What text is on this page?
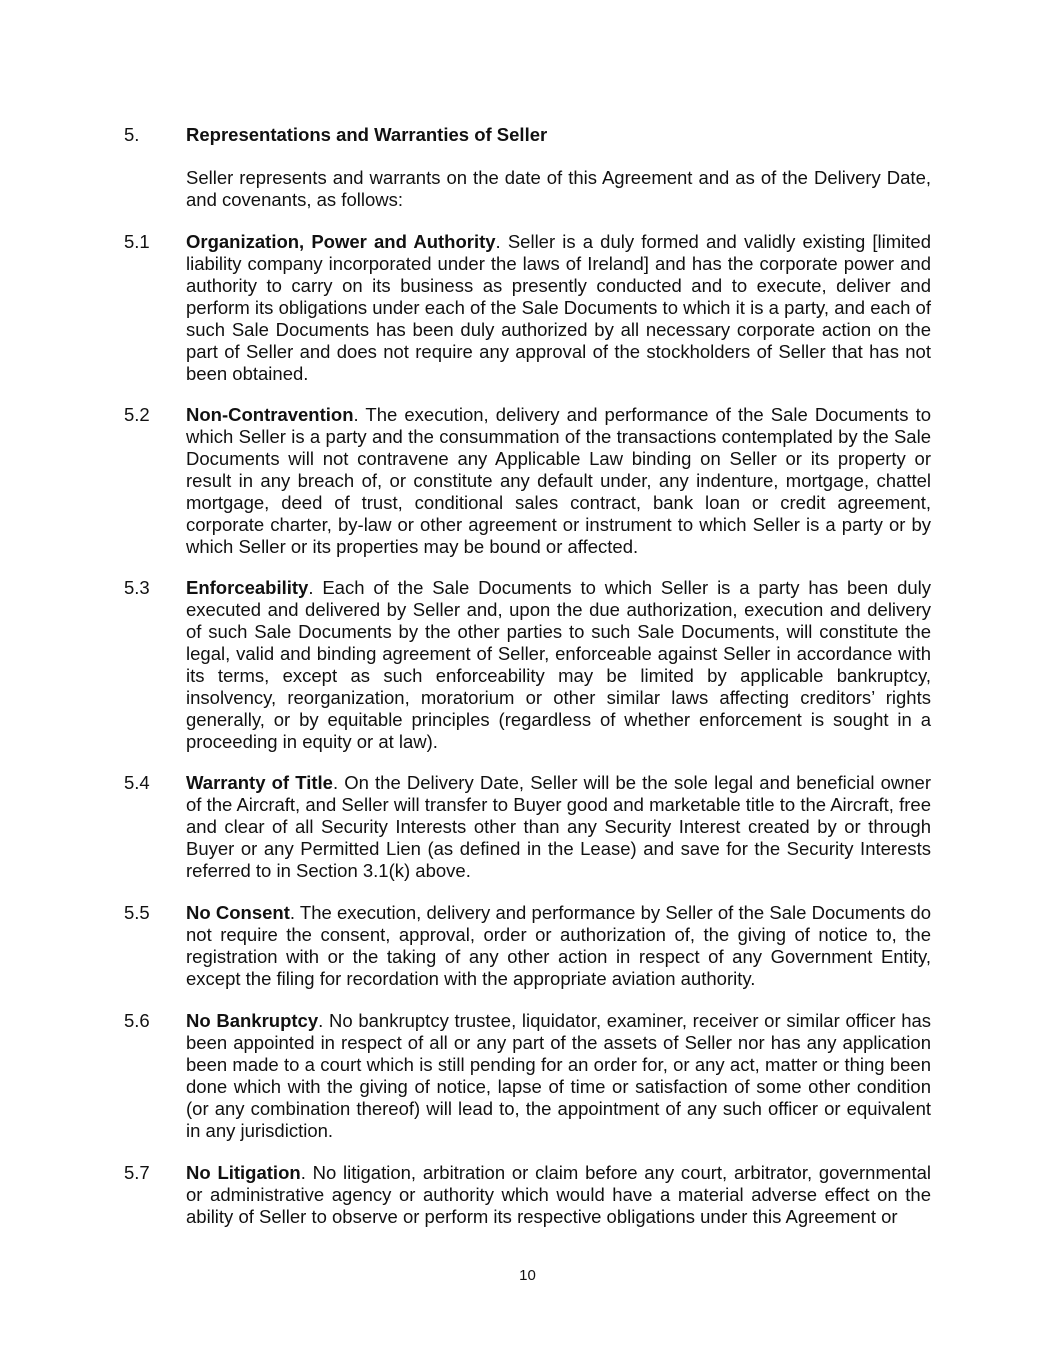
5.	Representations and Warranties of Seller
Seller represents and warrants on the date of this Agreement and as of the Delivery Date, and covenants, as follows:
5.1 Organization, Power and Authority. Seller is a duly formed and validly existing [limited liability company incorporated under the laws of Ireland] and has the corporate power and authority to carry on its business as presently conducted and to execute, deliver and perform its obligations under each of the Sale Documents to which it is a party, and each of such Sale Documents has been duly authorized by all necessary corporate action on the part of Seller and does not require any approval of the stockholders of Seller that has not been obtained.
5.2 Non-Contravention. The execution, delivery and performance of the Sale Documents to which Seller is a party and the consummation of the transactions contemplated by the Sale Documents will not contravene any Applicable Law binding on Seller or its property or result in any breach of, or constitute any default under, any indenture, mortgage, chattel mortgage, deed of trust, conditional sales contract, bank loan or credit agreement, corporate charter, by-law or other agreement or instrument to which Seller is a party or by which Seller or its properties may be bound or affected.
5.3 Enforceability. Each of the Sale Documents to which Seller is a party has been duly executed and delivered by Seller and, upon the due authorization, execution and delivery of such Sale Documents by the other parties to such Sale Documents, will constitute the legal, valid and binding agreement of Seller, enforceable against Seller in accordance with its terms, except as such enforceability may be limited by applicable bankruptcy, insolvency, reorganization, moratorium or other similar laws affecting creditors’ rights generally, or by equitable principles (regardless of whether enforcement is sought in a proceeding in equity or at law).
5.4 Warranty of Title. On the Delivery Date, Seller will be the sole legal and beneficial owner of the Aircraft, and Seller will transfer to Buyer good and marketable title to the Aircraft, free and clear of all Security Interests other than any Security Interest created by or through Buyer or any Permitted Lien (as defined in the Lease) and save for the Security Interests referred to in Section 3.1(k) above.
5.5 No Consent. The execution, delivery and performance by Seller of the Sale Documents do not require the consent, approval, order or authorization of, the giving of notice to, the registration with or the taking of any other action in respect of any Government Entity, except the filing for recordation with the appropriate aviation authority.
5.6 No Bankruptcy. No bankruptcy trustee, liquidator, examiner, receiver or similar officer has been appointed in respect of all or any part of the assets of Seller nor has any application been made to a court which is still pending for an order for, or any act, matter or thing been done which with the giving of notice, lapse of time or satisfaction of some other condition (or any combination thereof) will lead to, the appointment of any such officer or equivalent in any jurisdiction.
5.7 No Litigation. No litigation, arbitration or claim before any court, arbitrator, governmental or administrative agency or authority which would have a material adverse effect on the ability of Seller to observe or perform its respective obligations under this Agreement or
10
